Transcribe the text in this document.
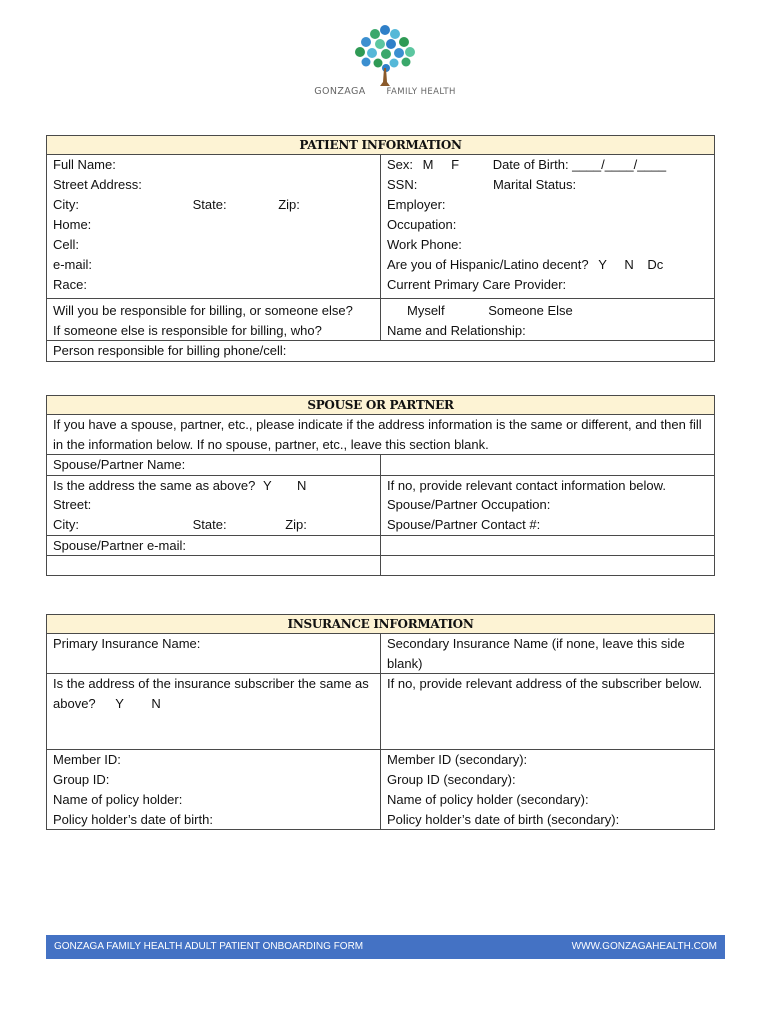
GONZAGA FAMILY HEALTH
PATIENT INFORMATION	
Full Name:	Sex: M F Date of Birth: ____/____/____
Street Address:	SSN: Marital Status:
City: State: Zip:	Employer:
Home:	Occupation:
Cell:	Work Phone:
e-mail:	Are you of Hispanic/Latino decent? Y N Dc
Race:	Current Primary Care Provider:
Will you be responsible for billing, or someone else?	Myself Someone Else
If someone else is responsible for billing, who?	Name and Relationship:
Person responsible for billing phone/cell:	
SPOUSE OR PARTNER	
If you have a spouse, partner, etc., please indicate if the address information is the same or different, and then fill in the information below. If no spouse, partner, etc., leave this section blank.	
Spouse/Partner Name:	
Is the address the same as above? Y N	If no, provide relevant contact information below.
Street:	Spouse/Partner Occupation:
City: State: Zip:	Spouse/Partner Contact #:
Spouse/Partner e-mail:	

INSURANCE INFORMATION	
Primary Insurance Name:	Secondary Insurance Name (if none, leave this side blank)
Is the address of the insurance subscriber the same as above? Y N	If no, provide relevant address of the subscriber below.
Member ID:	Member ID (secondary):
Group ID:	Group ID (secondary):
Name of policy holder:	Name of policy holder (secondary):
Policy holder’s date of birth:	Policy holder’s date of birth (secondary):
GONZAGA FAMILY HEALTH ADULT PATIENT ONBOARDING FORM	WWW.GONZAGAHEALTH.COM
